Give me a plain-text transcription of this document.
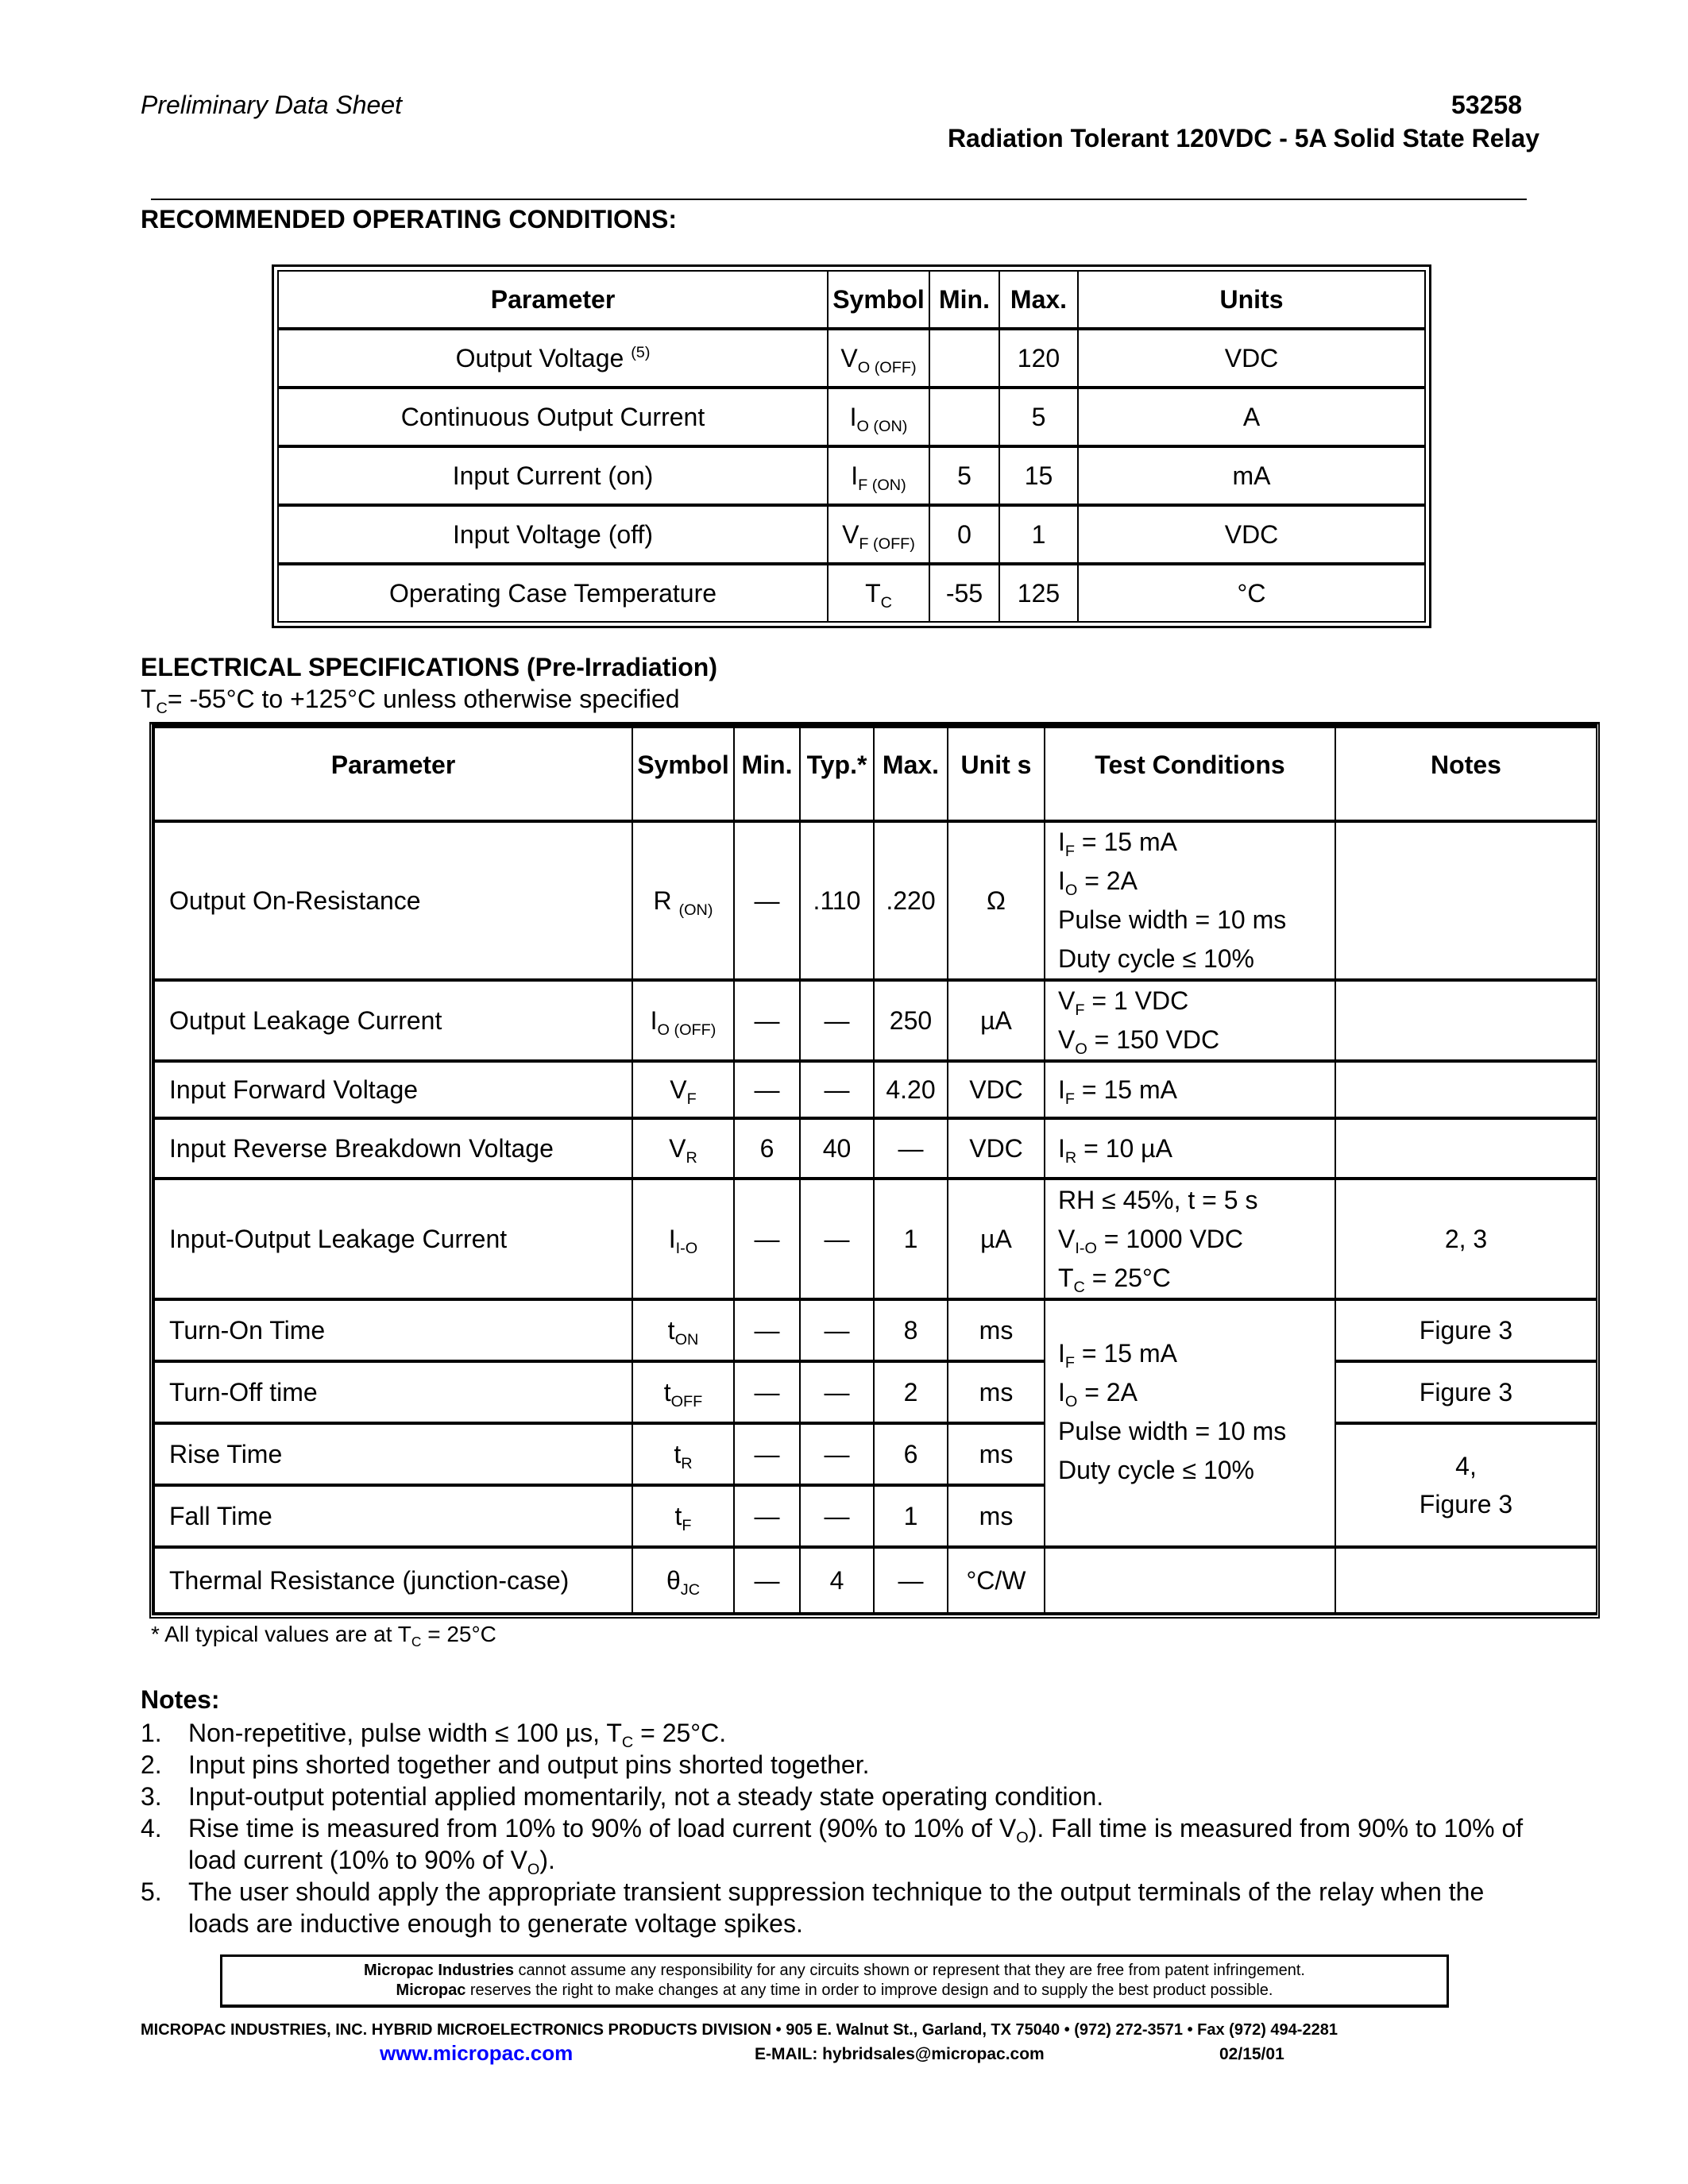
Preliminary Data Sheet	53258
Radiation Tolerant 120VDC - 5A Solid State Relay
RECOMMENDED OPERATING CONDITIONS:
Parameter	Symbol	Min.	Max.	Units
Output Voltage $^{(5)}$	$V_{O (OFF)}$		120	VDC
Continuous Output Current	$I_{O (ON)}$		5	A
Input Current (on)	$I_{F (ON)}$	5	15	mA
Input Voltage (off)	$V_{F (OFF)}$	0	1	VDC
Operating Case Temperature	$T_C$	-55	125	°C
ELECTRICAL SPECIFICATIONS (Pre-Irradiation)
$T_C= -55^\circ C$ to +125°C unless otherwise specified
Parameter	Symbol	Min.	Typ.*	Max.	Unit s	Test Conditions	Notes
Output On-Resistance	R $_{(ON)}$	—	.110	.220	Ω	$I_F = 15$ mA
$I_O = 2A$
Pulse width = 10 ms
Duty cycle ≤ 10%	

Output Leakage Current	$I_{O (OFF)}$	—	—	250	µA	$V_F = 1$ VDC
$V_O = 150$ VDC	

Input Forward Voltage	$V_F$	—	—	4.20	VDC	$I_F = 15$ mA	
Input Reverse Breakdown Voltage	$V_R$	6	40	—	VDC	$I_R = 10$ µA	
Input-Output Leakage Current	$I_{I-O}$	—	—	1	µA	RH ≤ 45%, t = 5 s
$V_{I-O} = 1000$ VDC
$T_C = 25^\circ C$	2, 3
Turn-On Time	$t_{ON}$	—	—	8	ms	$I_F = 15$ mA
$I_O = 2A$
Pulse width = 10 ms
Duty cycle ≤ 10%	Figure 3
Turn-Off time	$t_{OFF}$	—	—	2	ms		Figure 3
Rise Time	$t_R$	—	—	6	ms		4,
Figure 3

Fall Time	$t_F$	—	—	1	ms		
Thermal Resistance (junction-case)	$\theta_{JC}$	—	4	—	°C/W		
* All typical values are at $T_C = 25^\circ C$
Notes:
1.	Non-repetitive, pulse width ≤ 100 µs, $T_C = 25^\circ C$.
2.	Input pins shorted together and output pins shorted together.
3.	Input-output potential applied momentarily, not a steady state operating condition.
4.	Rise time is measured from 10% to 90% of load current (90% to 10% of $V_O$). Fall time is measured from 90% to 10% of load current (10% to 90% of $V_O$).
5.	The user should apply the appropriate transient suppression technique to the output terminals of the relay when the loads are inductive enough to generate voltage spikes.
Micropac Industries cannot assume any responsibility for any circuits shown or represent that they are free from patent infringement.
Micropac reserves the right to make changes at any time in order to improve design and to supply the best product possible.
MICROPAC INDUSTRIES, INC. HYBRID MICROELECTRONICS PRODUCTS DIVISION • 905 E. Walnut St., Garland, TX 75040 • (972) 272-3571 • Fax (972) 494-2281
www.micropac.com	E-MAIL: hybridsales@micropac.com	02/15/01
